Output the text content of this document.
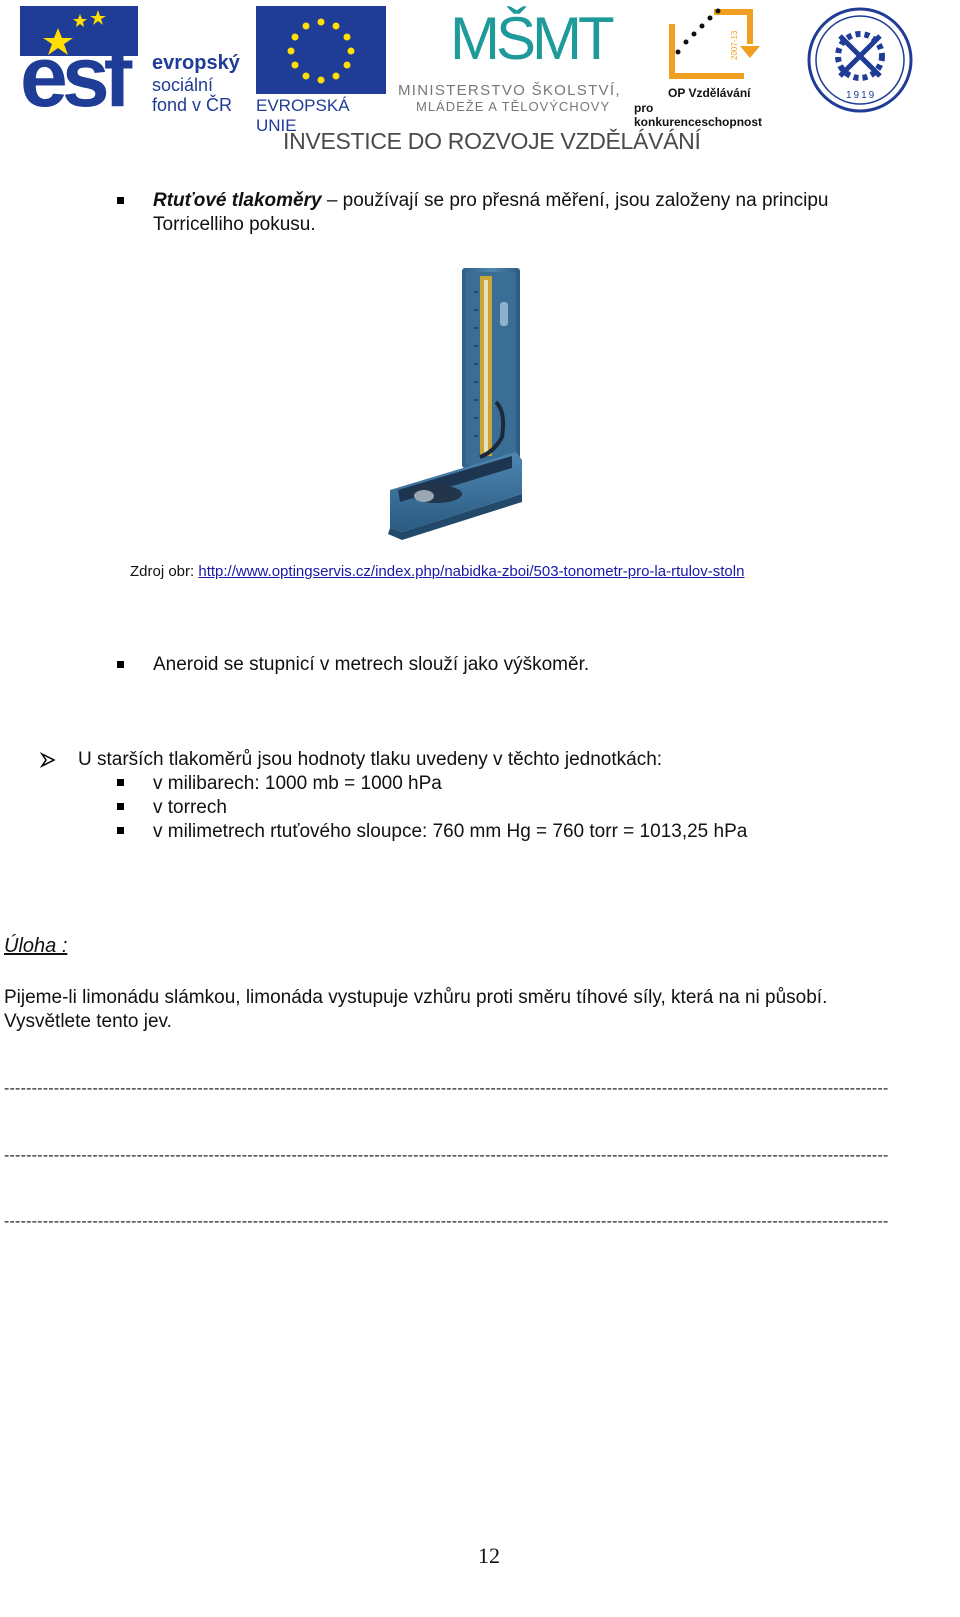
esf evropský
sociální
fond v ČR EVROPSKÁ UNIE
MŠMT
MINISTERSTVO ŠKOLSTVÍ,
MLÁDEŽE A TĚLOVÝCHOVY
2007-13
OP Vzdělávání
pro konkurenceschopnost
1919
INVESTICE DO ROZVOJE VZDĚLÁVÁNÍ
Rtuťové tlakoměry – používají se pro přesná měření, jsou založeny na principu
Torricelliho pokusu.
Zdroj obr: http://www.optingservis.cz/index.php/nabidka-zboi/503-tonometr-pro-la-rtulov-stoln
Aneroid se stupnicí v metrech slouží jako výškoměr.
U starších tlakoměrů jsou hodnoty tlaku uvedeny v těchto jednotkách:
v milibarech: 1000 mb = 1000 hPa
v torrech
v milimetrech rtuťového sloupce: 760 mm Hg = 760 torr = 1013,25 hPa
Úloha :
Pijeme-li limonádu slámkou, limonáda vystupuje vzhůru proti směru tíhové síly, která na ni působí.
Vysvětlete tento jev.
----------------------------------------------------------------------------------------------------------------------------------------------------------------
----------------------------------------------------------------------------------------------------------------------------------------------------------------
----------------------------------------------------------------------------------------------------------------------------------------------------------------
12
